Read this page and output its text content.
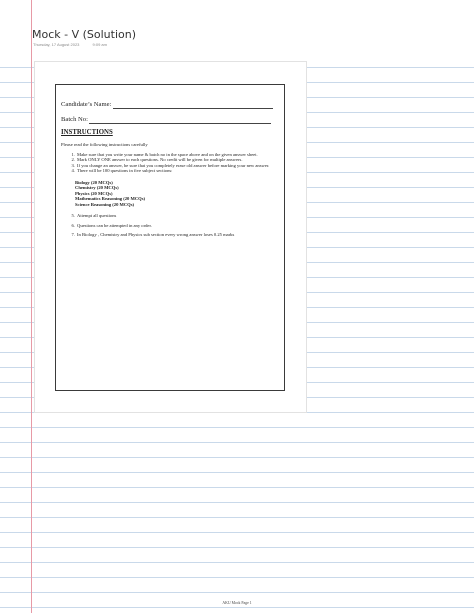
Mock - V (Solution)
Thursday, 17 August 2023	9:09 am
Candidate’s Name:
Batch No:
INSTRUCTIONS
Please read the following instructions carefully
1. Make sure that you write your name & batch no in the space above and on the given answer sheet.
2. Mark ONLY ONE answer to each questions. No credit will be given for multiple answers.
3. If you change an answer, be sure that you completely erase old answer before marking your new answer.
4. There will be 100 questions in five subject sections:
Biology (20 MCQs)
Chemistry (20 MCQs)
Physics (20 MCQs)
Mathematics Reasoning (20 MCQs)
Science Reasoning (20 MCQs)
5. Attempt all questions
6. Questions can be attempted in any order.
7. In Biology , Chemistry and Physics sub section every wrong answer loses 0.25 marks
AKU Mock Page 1
